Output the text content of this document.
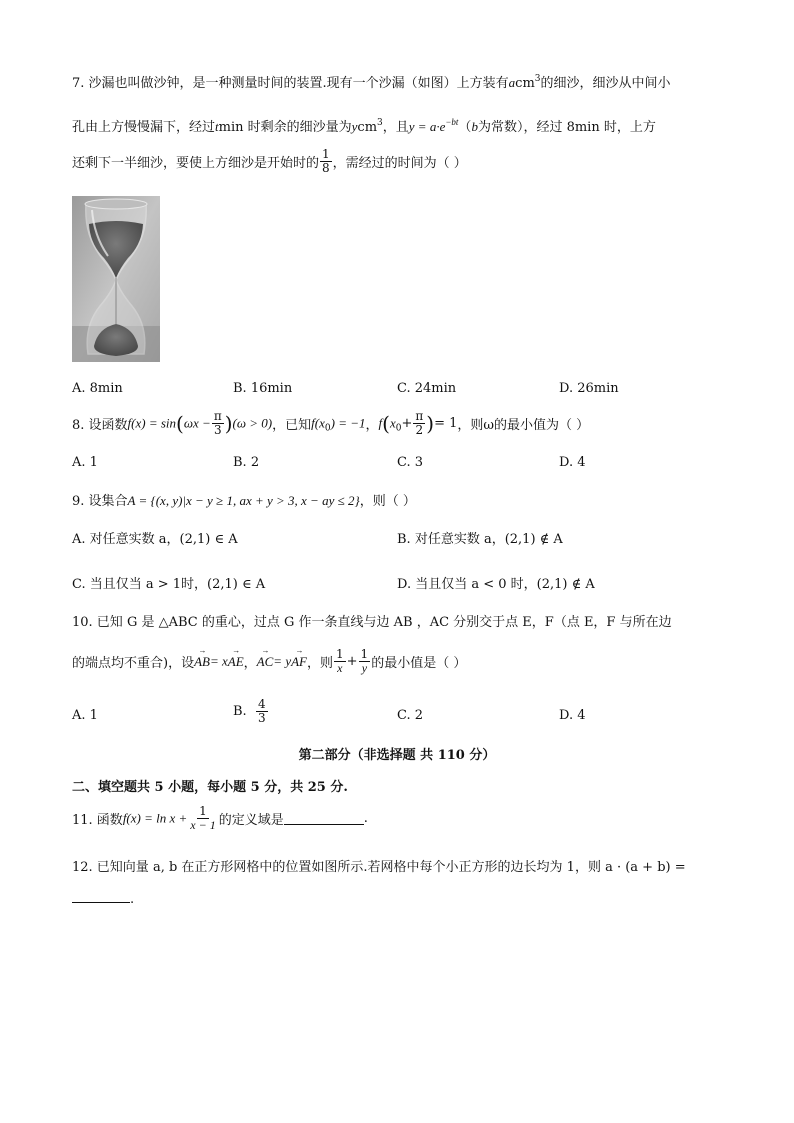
7. 沙漏也叫做沙钟，是一种测量时间的装置.现有一个沙漏（如图）上方装有acm$^3$的细沙，细沙从中间小
孔由上方慢慢漏下，经过tmin 时剩余的细沙量为ycm$^3$，且$y = a\cdot e^{-bt}(b$为常数），经过 8min 时，上方
还剩下一半细沙，要使上方细沙是开始时的 $\frac{1}{8}$ ，需经过的时间为（ ）
A. 8min	B. 16min	C. 24min	D. 26min
8. 设函数$f(x) = \sin(\omega x - \frac{\pi}{3} )(\omega > 0)$，已知$f(x_0) = -1$，$f(x_0+ \frac{\pi}{2}$ )= 1，则ω的最小值为（ ）
A. 1	B. 2	C. 3	D. 4
9. 设集合A = {(x, y)|x − y ≥ 1, ax + y > 3, x − ay ≤ 2}，则（ ）
A. 对任意实数 a，(2,1) ∈ A	B. 对任意实数 a，(2,1) ∉ A
C. 当且仅当 a > 1时，(2,1) ∈ A	D. 当且仅当 a < 0 时，(2,1) ∉ A
10. 已知 G 是 △ABC 的重心，过点 G 作一条直线与边 AB ，AC 分别交于点 E，F（点 E，F 与所在边
的端点均不重合)，设
→
AB= x
→
AE，
→
AC= y
→
AF，则 $\frac{1}{x} + \frac{1}{y}$ 的最小值是（ ）
A. 1	B. $\frac{4}{3}$	C. 2	D. 4
第二部分（非选择题 共 110 分）
二、填空题共 5 小题，每小题 5 分，共 25 分.
11. 函数$f(x) = \ln x + \frac{1}{x - 1}$ 的定义域是	.
12. 已知向量 a, b 在正方形网格中的位置如图所示.若网格中每个小正方形的边长均为 1，则 a · (a + b) =
.
